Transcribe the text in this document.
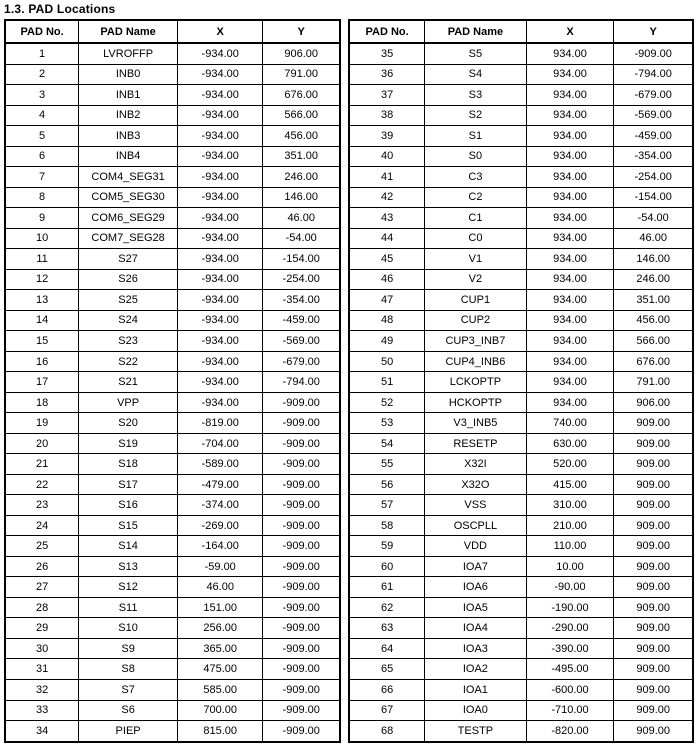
1.3. PAD Locations
PAD No.	PAD Name	X	Y
1	LVROFFP	-934.00	906.00
2	INB0	-934.00	791.00
3	INB1	-934.00	676.00
4	INB2	-934.00	566.00
5	INB3	-934.00	456.00
6	INB4	-934.00	351.00
7	COM4_SEG31	-934.00	246.00
8	COM5_SEG30	-934.00	146.00
9	COM6_SEG29	-934.00	46.00
10	COM7_SEG28	-934.00	-54.00
11	S27	-934.00	-154.00
12	S26	-934.00	-254.00
13	S25	-934.00	-354.00
14	S24	-934.00	-459.00
15	S23	-934.00	-569.00
16	S22	-934.00	-679.00
17	S21	-934.00	-794.00
18	VPP	-934.00	-909.00
19	S20	-819.00	-909.00
20	S19	-704.00	-909.00
21	S18	-589.00	-909.00
22	S17	-479.00	-909.00
23	S16	-374.00	-909.00
24	S15	-269.00	-909.00
25	S14	-164.00	-909.00
26	S13	-59.00	-909.00
27	S12	46.00	-909.00
28	S11	151.00	-909.00
29	S10	256.00	-909.00
30	S9	365.00	-909.00
31	S8	475.00	-909.00
32	S7	585.00	-909.00
33	S6	700.00	-909.00
34	PIEP	815.00	-909.00
PAD No.	PAD Name	X	Y
35	S5	934.00	-909.00
36	S4	934.00	-794.00
37	S3	934.00	-679.00
38	S2	934.00	-569.00
39	S1	934.00	-459.00
40	S0	934.00	-354.00
41	C3	934.00	-254.00
42	C2	934.00	-154.00
43	C1	934.00	-54.00
44	C0	934.00	46.00
45	V1	934.00	146.00
46	V2	934.00	246.00
47	CUP1	934.00	351.00
48	CUP2	934.00	456.00
49	CUP3_INB7	934.00	566.00
50	CUP4_INB6	934.00	676.00
51	LCKOPTP	934.00	791.00
52	HCKOPTP	934.00	906.00
53	V3_INB5	740.00	909.00
54	RESETP	630.00	909.00
55	X32I	520.00	909.00
56	X32O	415.00	909.00
57	VSS	310.00	909.00
58	OSCPLL	210.00	909.00
59	VDD	110.00	909.00
60	IOA7	10.00	909.00
61	IOA6	-90.00	909.00
62	IOA5	-190.00	909.00
63	IOA4	-290.00	909.00
64	IOA3	-390.00	909.00
65	IOA2	-495.00	909.00
66	IOA1	-600.00	909.00
67	IOA0	-710.00	909.00
68	TESTP	-820.00	909.00
